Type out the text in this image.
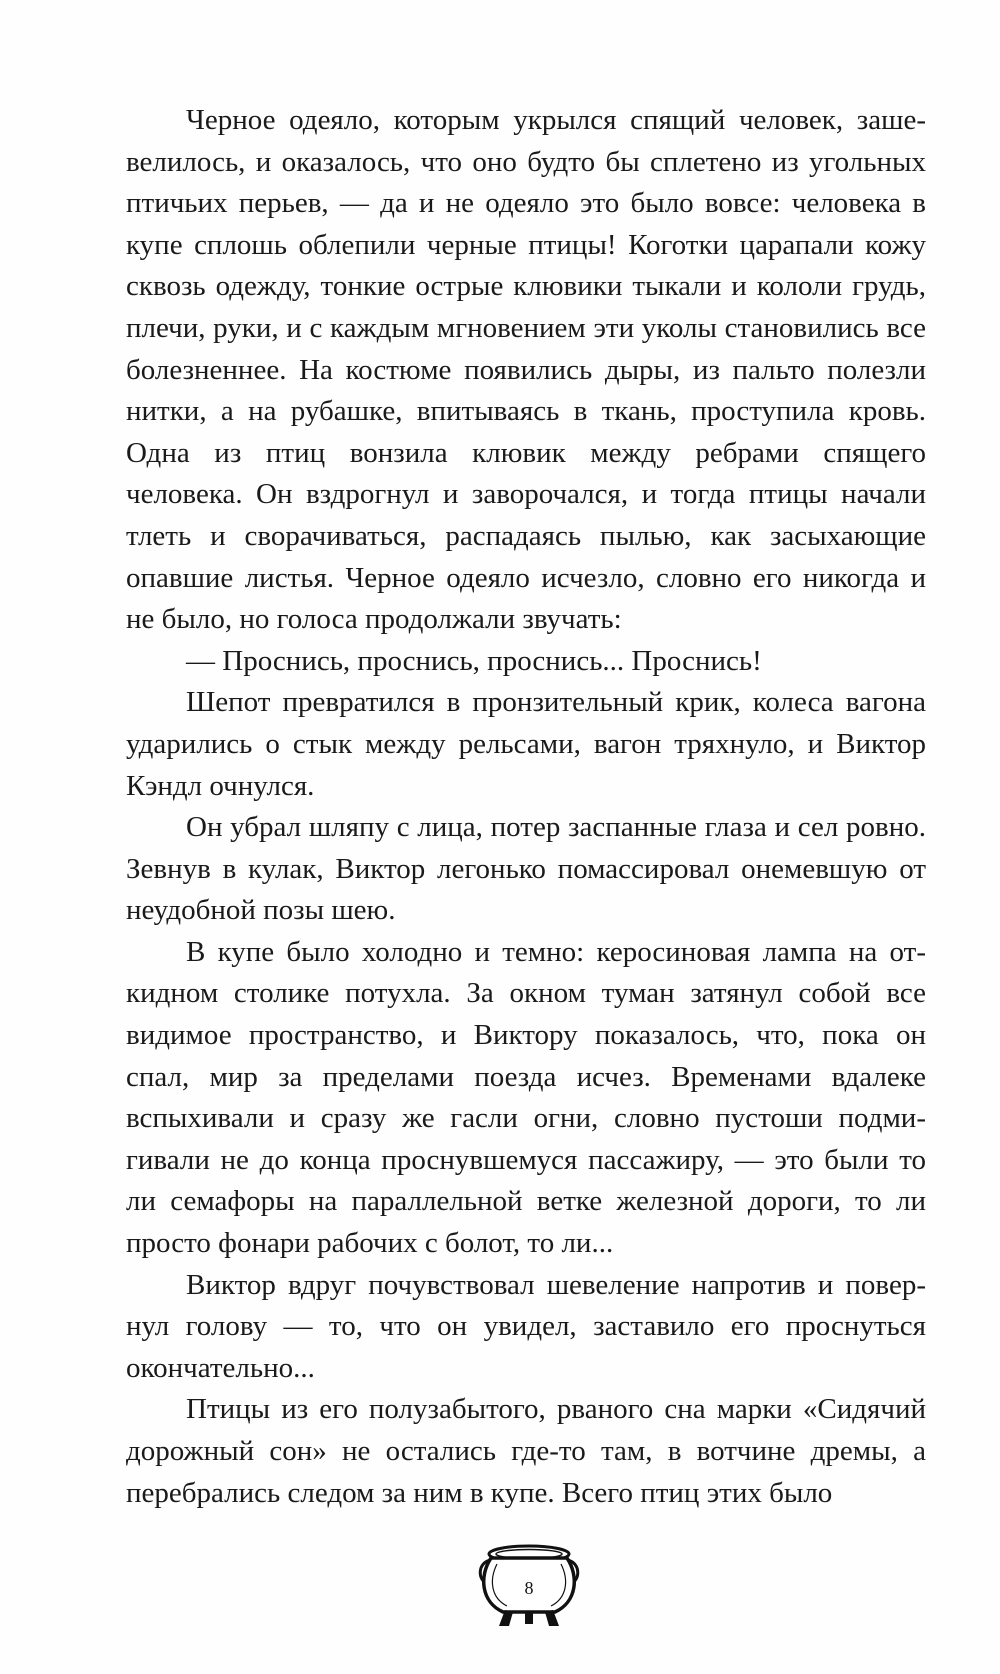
Черное одеяло, которым укрылся спящий человек, зашевелилось, и оказалось, что оно будто бы сплетено из угольных птичьих перьев, — да и не одеяло это было вовсе: человека в купе сплошь облепили черные птицы! Коготки царапали кожу сквозь одежду, тонкие острые клювики тыкали и кололи грудь, плечи, руки, и с каждым мгновением эти уколы становились все болезненнее. На костюме появились дыры, из пальто полезли нитки, а на рубашке, впитываясь в ткань, проступила кровь. Одна из птиц вонзила клювик между ребрами спящего человека. Он вздрогнул и заворочался, и тогда птицы начали тлеть и сворачиваться, распадаясь пылью, как засыхающие опавшие листья. Черное одеяло исчезло, словно его никогда и не было, но голоса продолжали звучать:

— Проснись, проснись, проснись... Проснись!

Шепот превратился в пронзительный крик, колеса вагона ударились о стык между рельсами, вагон тряхнуло, и Виктор Кэндл очнулся.

Он убрал шляпу с лица, потер заспанные глаза и сел ровно. Зевнув в кулак, Виктор легонько помассировал онемевшую от неудобной позы шею.

В купе было холодно и темно: керосиновая лампа на откидном столике потухла. За окном туман затянул собой все видимое пространство, и Виктору показалось, что, пока он спал, мир за пределами поезда исчез. Временами вдалеке вспыхивали и сразу же гасли огни, словно пустоши подмигивали не до конца проснувшемуся пассажиру, — это были то ли семафоры на параллельной ветке железной дороги, то ли просто фонари рабочих с болот, то ли...

Виктор вдруг почувствовал шевеление напротив и повернул голову — то, что он увидел, заставило его проснуться окончательно...

Птицы из его полузабытого, рваного сна марки «Сидячий дорожный сон» не остались где-то там, в вотчине дремы, а перебрались следом за ним в купе. Всего птиц этих было

8
